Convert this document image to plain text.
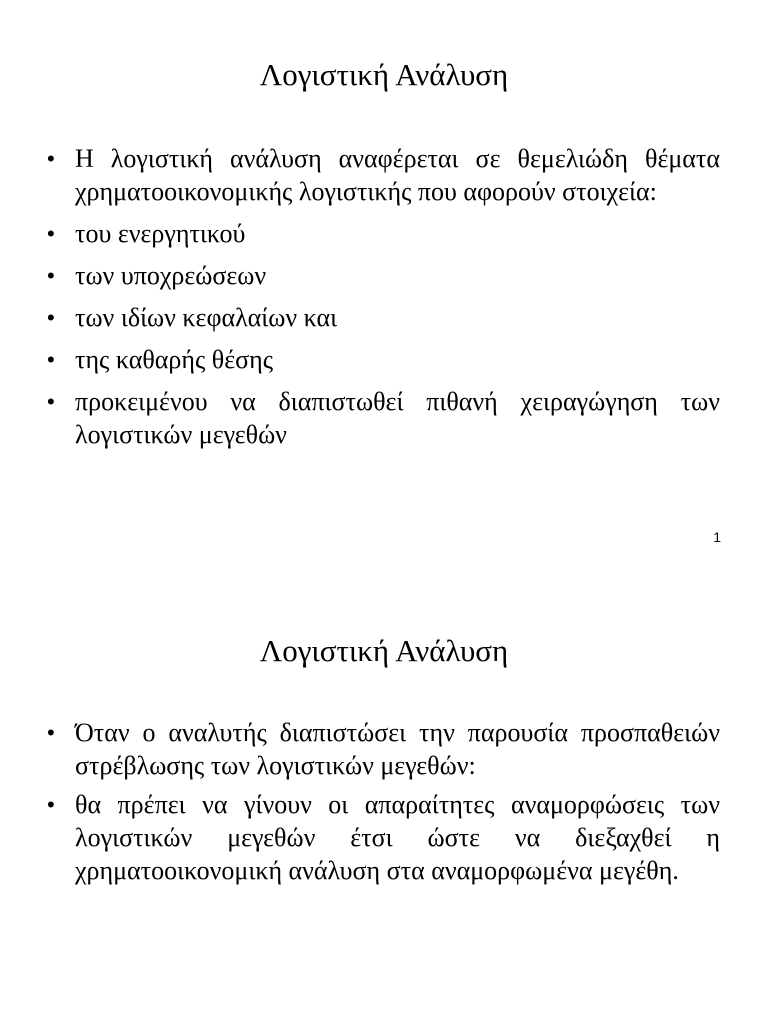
Λογιστική Ανάλυση
• Η λογιστική ανάλυση αναφέρεται σε θεμελιώδη θέματα χρηματοοικονομικής λογιστικής που αφορούν στοιχεία:
• του ενεργητικού
• των υποχρεώσεων
• των ιδίων κεφαλαίων και
• της καθαρής θέσης
• προκειμένου να διαπιστωθεί πιθανή χειραγώγηση των λογιστικών μεγεθών
1
Λογιστική Ανάλυση
• Όταν ο αναλυτής διαπιστώσει την παρουσία προσπαθειών στρέβλωσης των λογιστικών μεγεθών:
• θα πρέπει να γίνουν οι απαραίτητες αναμορφώσεις των λογιστικών μεγεθών έτσι ώστε να διεξαχθεί η χρηματοοικονομική ανάλυση στα αναμορφωμένα μεγέθη.
